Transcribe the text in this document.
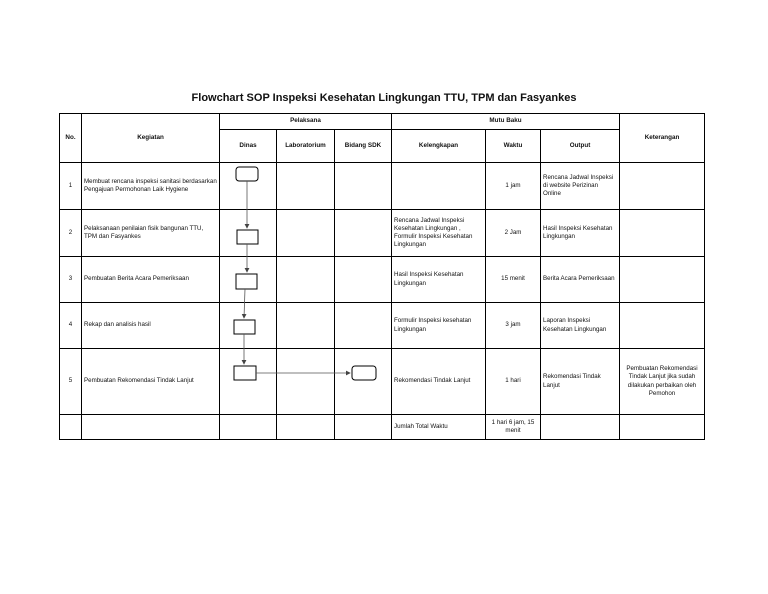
Flowchart SOP Inspeksi Kesehatan Lingkungan TTU, TPM dan Fasyankes
No.	Kegiatan	Pelaksana			Mutu Baku			Keterangan
		Dinas	Laboratorium	Bidang SDK	Kelengkapan	Waktu	Output	
1	Membuat rencana inspeksi sanitasi berdasarkan Pengajuan Permohonan Laik Hygiene					1 jam	Rencana Jadwal Inspeksi di website Perizinan Online	
2	Pelaksanaan penilaian fisik bangunan TTU, TPM dan Fasyankes				Rencana Jadwal Inspeksi Kesehatan Lingkungan , Formulir Inspeksi Kesehatan Lingkungan	2 Jam	Hasil Inspeksi Kesehatan Lingkungan	
3	Pembuatan Berita Acara Pemeriksaan				Hasil Inspeksi Kesehatan Lingkungan	15 menit	Berita Acara Pemeriksaan	
4	Rekap dan analisis hasil				Formulir Inspeksi kesehatan Lingkungan	3 jam	Laporan Inspeksi Kesehatan Lingkungan	
5	Pembuatan Rekomendasi Tindak Lanjut				Rekomendasi Tindak Lanjut	1 hari	Rekomendasi Tindak Lanjut	Pembuatan Rekomendasi Tindak Lanjut jika sudah dilakukan perbaikan oleh Pemohon
					Jumlah Total Waktu	1 hari 6 jam, 15 menit		
